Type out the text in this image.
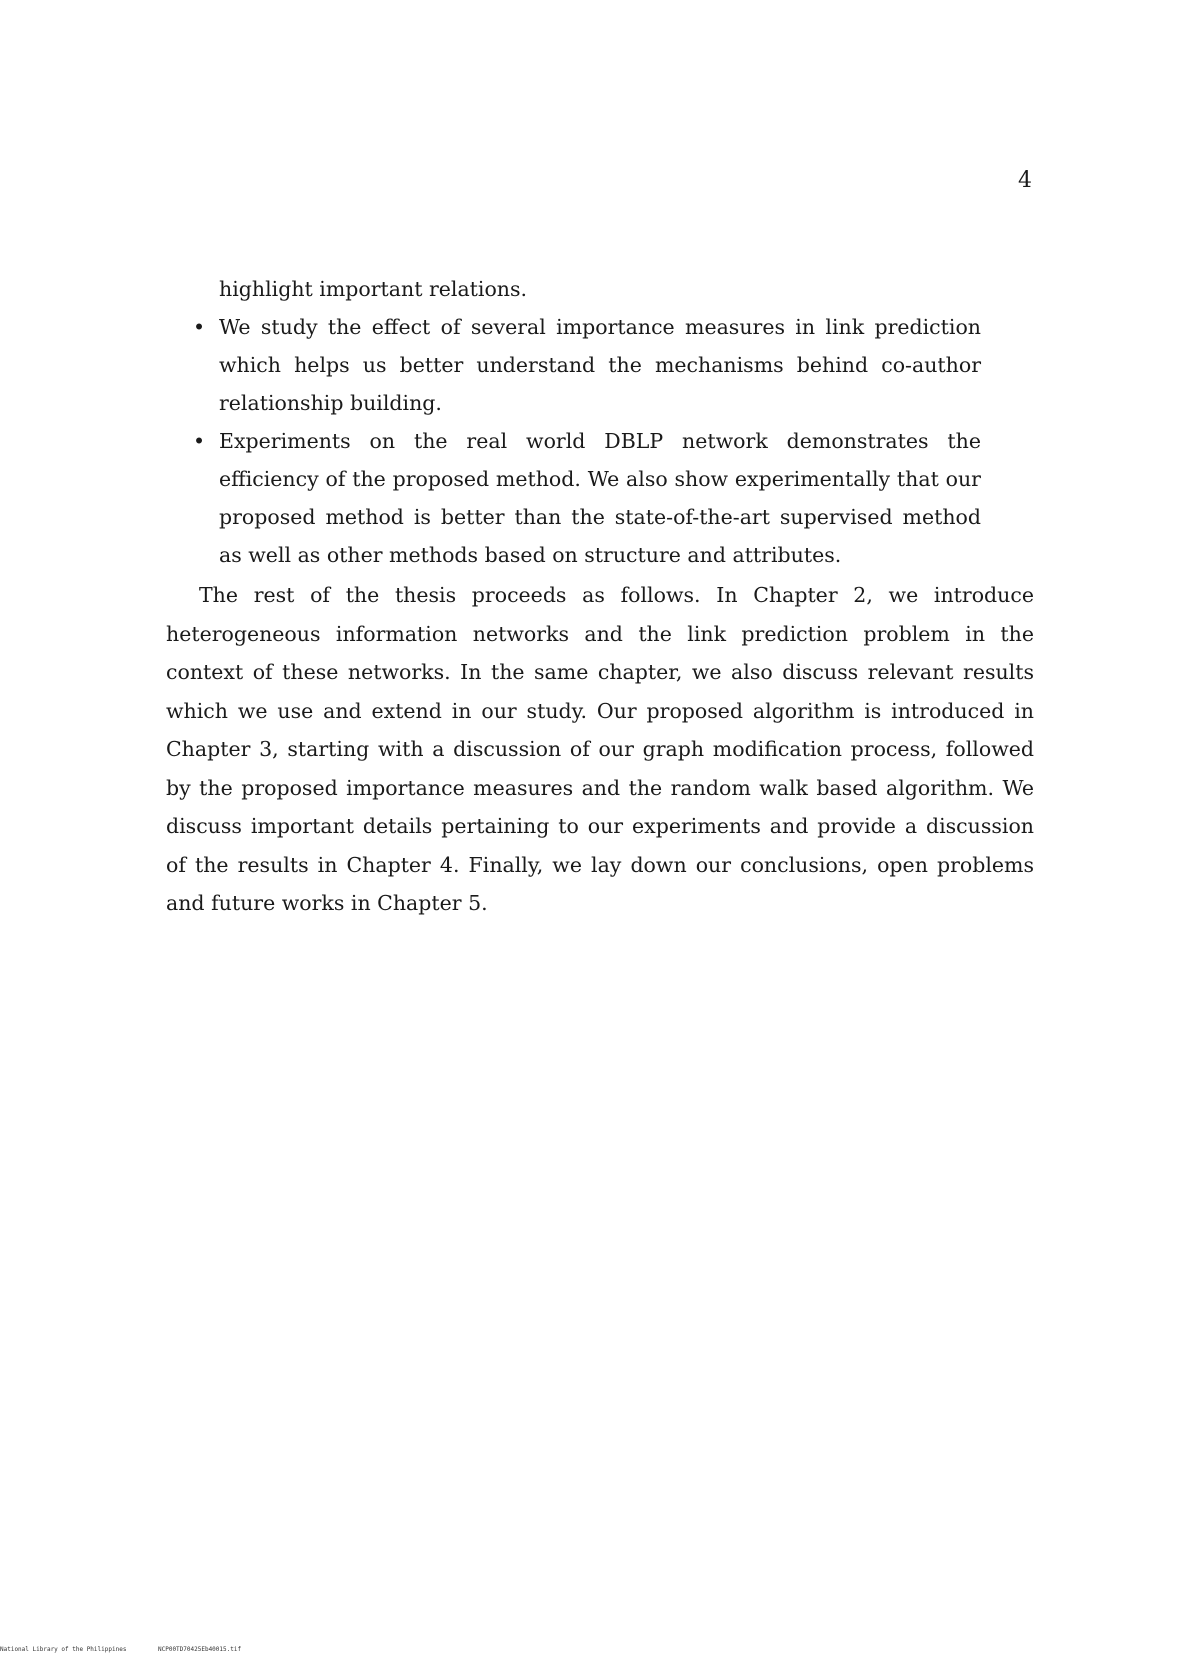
4

highlight important relations.

• We study the effect of several importance measures in link prediction which helps us better understand the mechanisms behind co-author relationship building.
• Experiments on the real world DBLP network demonstrates the efficiency of the proposed method. We also show experimentally that our proposed method is better than the state-of-the-art supervised method as well as other methods based on structure and attributes.

The rest of the thesis proceeds as follows. In Chapter 2, we introduce heterogeneous information networks and the link prediction problem in the context of these networks. In the same chapter, we also discuss relevant results which we use and extend in our study. Our proposed algorithm is introduced in Chapter 3, starting with a discussion of our graph modification process, followed by the proposed importance measures and the random walk based algorithm. We discuss important details pertaining to our experiments and provide a discussion of the results in Chapter 4. Finally, we lay down our conclusions, open problems and future works in Chapter 5.

National Library of the Philippines	NCP00TD70425Eb40015.tif
